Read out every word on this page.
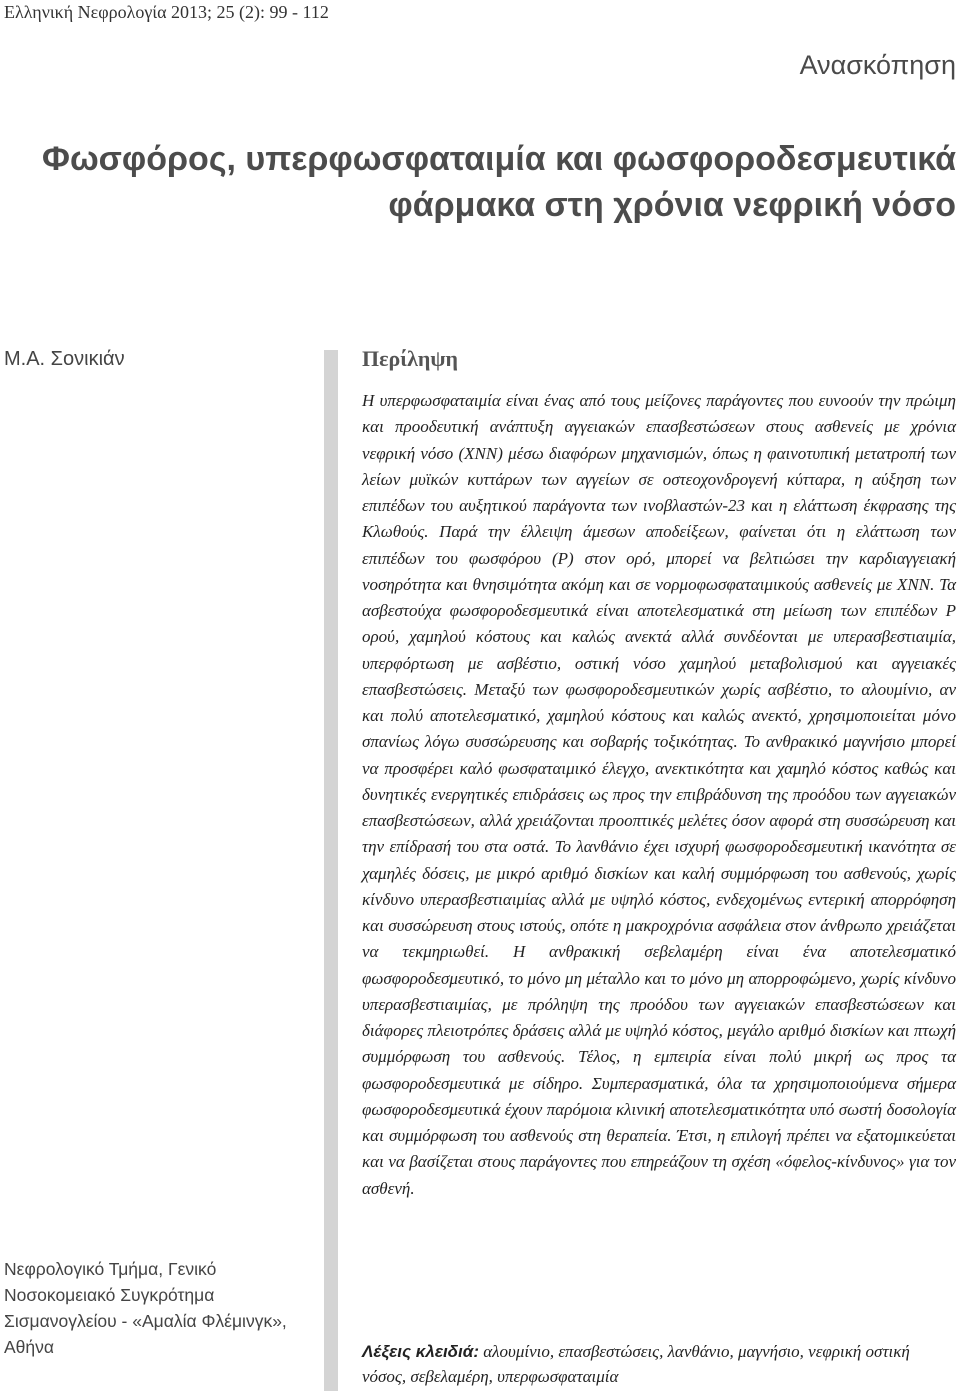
Ελληνική Νεφρολογία 2013; 25 (2): 99 - 112
Ανασκόπηση
Φωσφόρος, υπερφωσφαταιμία και φωσφοροδεσμευτικά φάρμακα στη χρόνια νεφρική νόσο
Μ.Α. Σονικιάν
Νεφρολογικό Τμήμα, Γενικό Νοσοκομειακό Συγκρότημα Σισμανογλείου - «Αμαλία Φλέμινγκ», Αθήνα
Περίληψη
Η υπερφωσφαταιμία είναι ένας από τους μείζονες παράγοντες που ευνοούν την πρώιμη και προοδευτική ανάπτυξη αγγειακών επασβεστώσεων στους ασθενείς με χρόνια νεφρική νόσο (ΧΝΝ) μέσω διαφόρων μηχανισμών, όπως η φαινοτυπική μετατροπή των λείων μυϊκών κυττάρων των αγγείων σε οστεοχονδρογενή κύτταρα, η αύξηση των επιπέδων του αυξητικού παράγοντα των ινοβλαστών-23 και η ελάττωση έκφρασης της Κλωθούς. Παρά την έλλειψη άμεσων αποδείξεων, φαίνεται ότι η ελάττωση των επιπέδων του φωσφόρου (Ρ) στον ορό, μπορεί να βελτιώσει την καρδιαγγειακή νοσηρότητα και θνησιμότητα ακόμη και σε νορμοφωσφαταιμικούς ασθενείς με ΧΝΝ. Τα ασβεστούχα φωσφοροδεσμευτικά είναι αποτελεσματικά στη μείωση των επιπέδων Ρ ορού, χαμηλού κόστους και καλώς ανεκτά αλλά συνδέονται με υπερασβεστιαιμία, υπερφόρτωση με ασβέστιο, οστική νόσο χαμηλού μεταβολισμού και αγγειακές επασβεστώσεις. Μεταξύ των φωσφοροδεσμευτικών χωρίς ασβέστιο, το αλουμίνιο, αν και πολύ αποτελεσματικό, χαμηλού κόστους και καλώς ανεκτό, χρησιμοποιείται μόνο σπανίως λόγω συσσώρευσης και σοβαρής τοξικότητας. Το ανθρακικό μαγνήσιο μπορεί να προσφέρει καλό φωσφαταιμικό έλεγχο, ανεκτικότητα και χαμηλό κόστος καθώς και δυνητικές ενεργητικές επιδράσεις ως προς την επιβράδυνση της προόδου των αγγειακών επασβεστώσεων, αλλά χρειάζονται προοπτικές μελέτες όσον αφορά στη συσσώρευση και την επίδρασή του στα οστά. Το λανθάνιο έχει ισχυρή φωσφοροδεσμευτική ικανότητα σε χαμηλές δόσεις, με μικρό αριθμό δισκίων και καλή συμμόρφωση του ασθενούς, χωρίς κίνδυνο υπερασβεστιαιμίας αλλά με υψηλό κόστος, ενδεχομένως εντερική απορρόφηση και συσσώρευση στους ιστούς, οπότε η μακροχρόνια ασφάλεια στον άνθρωπο χρειάζεται να τεκμηριωθεί. Η ανθρακική σεβελαμέρη είναι ένα αποτελεσματικό φωσφοροδεσμευτικό, το μόνο μη μέταλλο και το μόνο μη απορροφώμενο, χωρίς κίνδυνο υπερασβεστιαιμίας, με πρόληψη της προόδου των αγγειακών επασβεστώσεων και διάφορες πλειοτρόπες δράσεις αλλά με υψηλό κόστος, μεγάλο αριθμό δισκίων και πτωχή συμμόρφωση του ασθενούς. Τέλος, η εμπειρία είναι πολύ μικρή ως προς τα φωσφοροδεσμευτικά με σίδηρο. Συμπερασματικά, όλα τα χρησιμοποιούμενα σήμερα φωσφοροδεσμευτικά έχουν παρόμοια κλινική αποτελεσματικότητα υπό σωστή δοσολογία και συμμόρφωση του ασθενούς στη θεραπεία. Έτσι, η επιλογή πρέπει να εξατομικεύεται και να βασίζεται στους παράγοντες που επηρεάζουν τη σχέση «όφελος-κίνδυνος» για τον ασθενή.
Λέξεις κλειδιά: αλουμίνιο, επασβεστώσεις, λανθάνιο, μαγνήσιο, νεφρική οστική νόσος, σεβελαμέρη, υπερφωσφαταιμία
